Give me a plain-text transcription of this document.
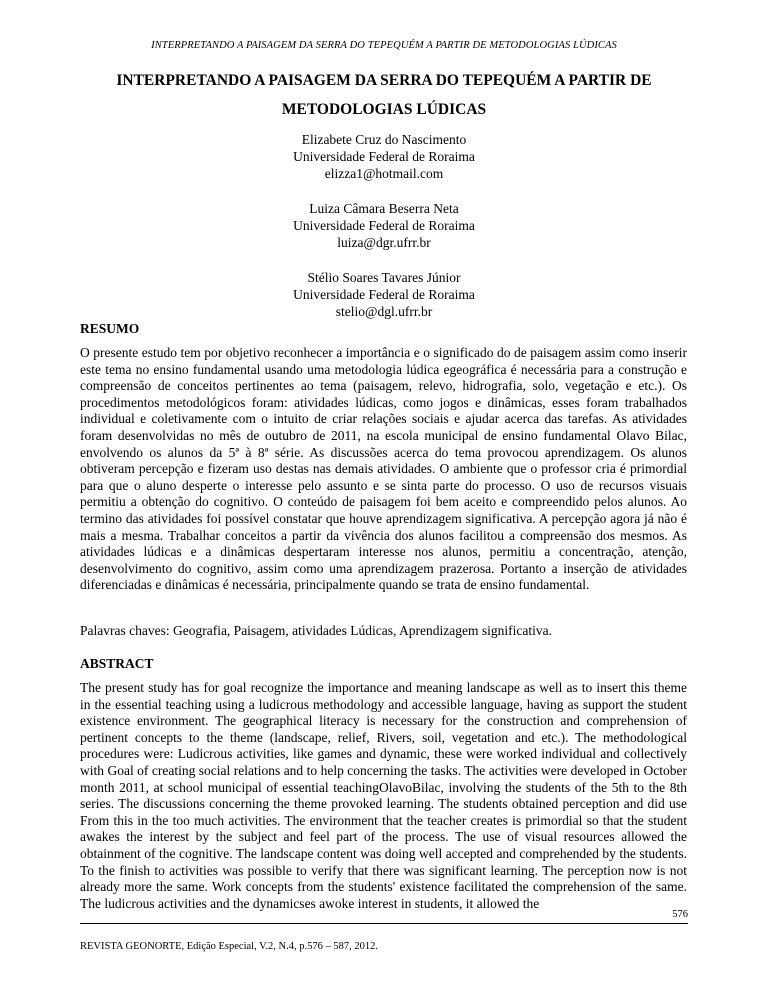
INTERPRETANDO A PAISAGEM DA SERRA DO TEPEQUÉM A PARTIR DE METODOLOGIAS LÚDICAS
INTERPRETANDO A PAISAGEM DA SERRA DO TEPEQUÉM A PARTIR DE METODOLOGIAS LÚDICAS
Elizabete Cruz do Nascimento
Universidade Federal de Roraima
elizza1@hotmail.com
Luiza Câmara Beserra Neta
Universidade Federal de Roraima
luiza@dgr.ufrr.br
Stélio Soares Tavares Júnior
Universidade Federal de Roraima
stelio@dgl.ufrr.br
RESUMO

O presente estudo tem por objetivo reconhecer a importância e o significado do de paisagem assim como inserir este tema no ensino fundamental usando uma metodologia lúdica egeográfica é necessária para a construção e compreensão de conceitos pertinentes ao tema (paisagem, relevo, hidrografia, solo, vegetação e etc.). Os procedimentos metodológicos foram: atividades lúdicas, como jogos e dinâmicas, esses foram trabalhados individual e coletivamente com o intuito de criar relações sociais e ajudar acerca das tarefas. As atividades foram desenvolvidas no mês de outubro de 2011, na escola municipal de ensino fundamental Olavo Bilac, envolvendo os alunos da 5ª à 8ª série. As discussões acerca do tema provocou aprendizagem. Os alunos obtiveram percepção e fizeram uso destas nas demais atividades. O ambiente que o professor cria é primordial para que o aluno desperte o interesse pelo assunto e se sinta parte do processo. O uso de recursos visuais permitiu a obtenção do cognitivo. O conteúdo de paisagem foi bem aceito e compreendido pelos alunos. Ao termino das atividades foi possível constatar que houve aprendizagem significativa. A percepção agora já não é mais a mesma. Trabalhar conceitos a partir da vivência dos alunos facilitou a compreensão dos mesmos. As atividades lúdicas e a dinâmicas despertaram interesse nos alunos, permitiu a concentração, atenção, desenvolvimento do cognitivo, assim como uma aprendizagem prazerosa. Portanto a inserção de atividades diferenciadas e dinâmicas é necessária, principalmente quando se trata de ensino fundamental.

Palavras chaves: Geografia, Paisagem, atividades Lúdicas, Aprendizagem significativa.
ABSTRACT

The present study has for goal recognize the importance and meaning landscape as well as to insert this theme in the essential teaching using a ludicrous methodology and accessible language, having as support the student existence environment. The geographical literacy is necessary for the construction and comprehension of pertinent concepts to the theme (landscape, relief, Rivers, soil, vegetation and etc.). The methodological procedures were: Ludicrous activities, like games and dynamic, these were worked individual and collectively with Goal of creating social relations and to help concerning the tasks. The activities were developed in October month 2011, at school municipal of essential teachingOlavoBilac, involving the students of the 5th to the 8th series. The discussions concerning the theme provoked learning. The students obtained perception and did use From this in the too much activities. The environment that the teacher creates is primordial so that the student awakes the interest by the subject and feel part of the process. The use of visual resources allowed the obtainment of the cognitive. The landscape content was doing well accepted and comprehended by the students. To the finish to activities was possible to verify that there was significant learning. The perception now is not already more the same. Work concepts from the students' existence facilitated the comprehension of the same. The ludicrous activities and the dynamicses awoke interest in students, it allowed the

576
REVISTA GEONORTE, Edição Especial, V.2, N.4, p.576 – 587, 2012.
